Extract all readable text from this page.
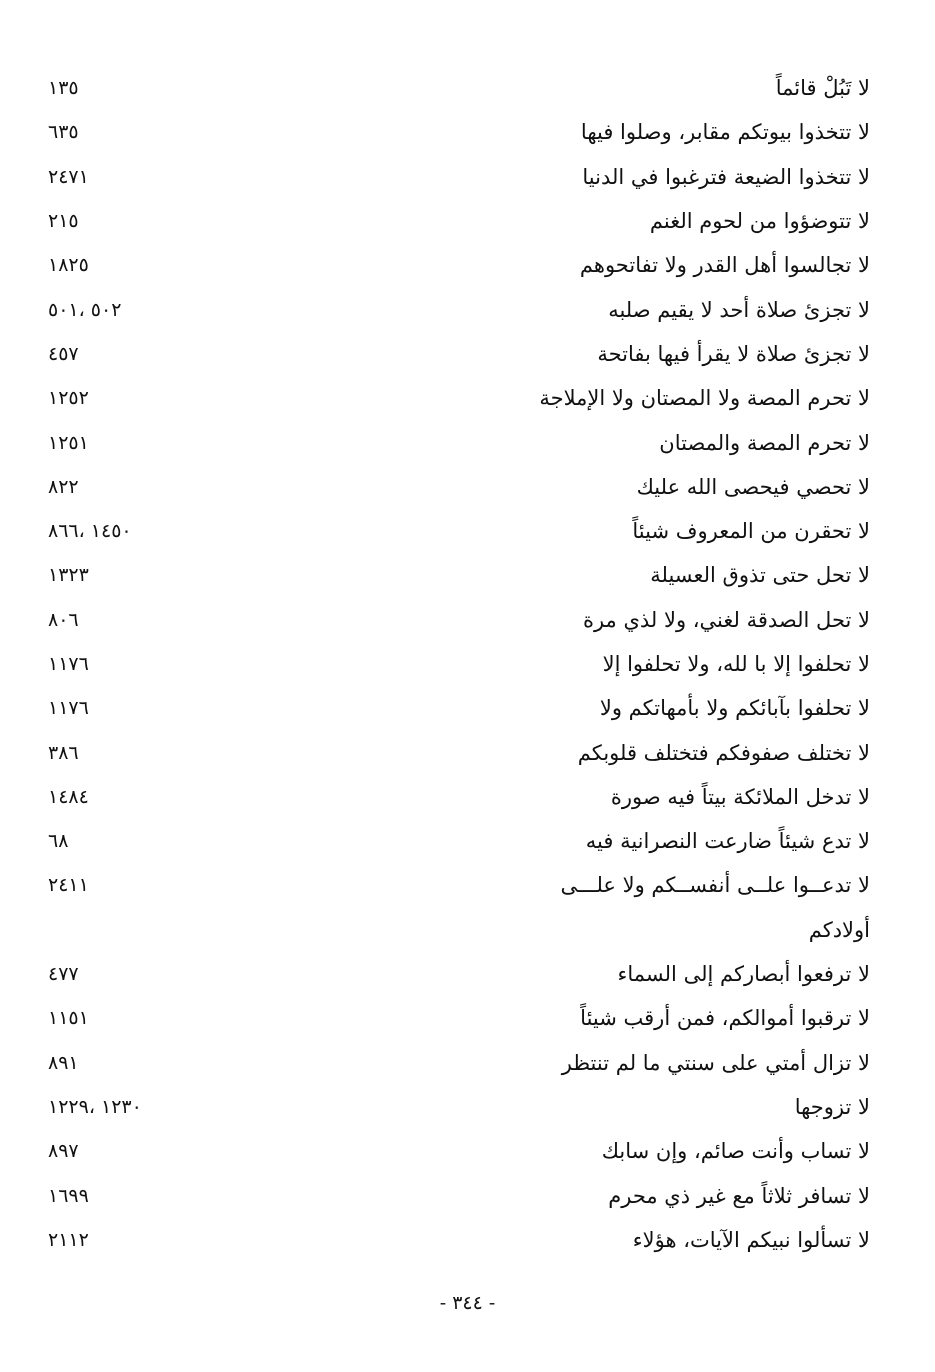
لا تَبُلْ قائماً
١٣٥
لا تتخذوا بيوتكم مقابر، وصلوا فيها
٦٣٥
لا تتخذوا الضيعة فترغبوا في الدنيا
٢٤٧١
لا تتوضؤوا من لحوم الغنم
٢١٥
لا تجالسوا أهل القدر ولا تفاتحوهم
١٨٢٥
لا تجزئ صلاة أحد لا يقيم صلبه
٥٠٢ ،٥٠١
لا تجزئ صلاة لا يقرأ فيها بفاتحة
٤٥٧
لا تحرم المصة ولا المصتان ولا الإملاجة
١٢٥٢
لا تحرم المصة والمصتان
١٢٥١
لا تحصي فيحصى الله عليك
٨٢٢
لا تحقرن من المعروف شيئاً
١٤٥٠ ،٨٦٦
لا تحل حتى تذوق العسيلة
١٣٢٣
لا تحل الصدقة لغني، ولا لذي مرة
٨٠٦
لا تحلفوا إلا با لله، ولا تحلفوا إلا
١١٧٦
لا تحلفوا بآبائكم ولا بأمهاتكم ولا
١١٧٦
لا تختلف صفوفكم فتختلف قلوبكم
٣٨٦
لا تدخل الملائكة بيتاً فيه صورة
١٤٨٤
لا تدع شيئاً ضارعت النصرانية فيه
٦٨
لا تدعــوا علــى أنفســكم ولا علـــى
٢٤١١
أولادكم
لا ترفعوا أبصاركم إلى السماء
٤٧٧
لا ترقبوا أموالكم، فمن أرقب شيئاً
١١٥١
لا تزال أمتي على سنتي ما لم تنتظر
٨٩١
لا تزوجها
١٢٣٠ ،١٢٢٩
لا تساب وأنت صائم، وإن سابك
٨٩٧
لا تسافر ثلاثاً مع غير ذي محرم
١٦٩٩
لا تسألوا نبيكم الآيات، هؤلاء
٢١١٢
- ٣٤٤ -
